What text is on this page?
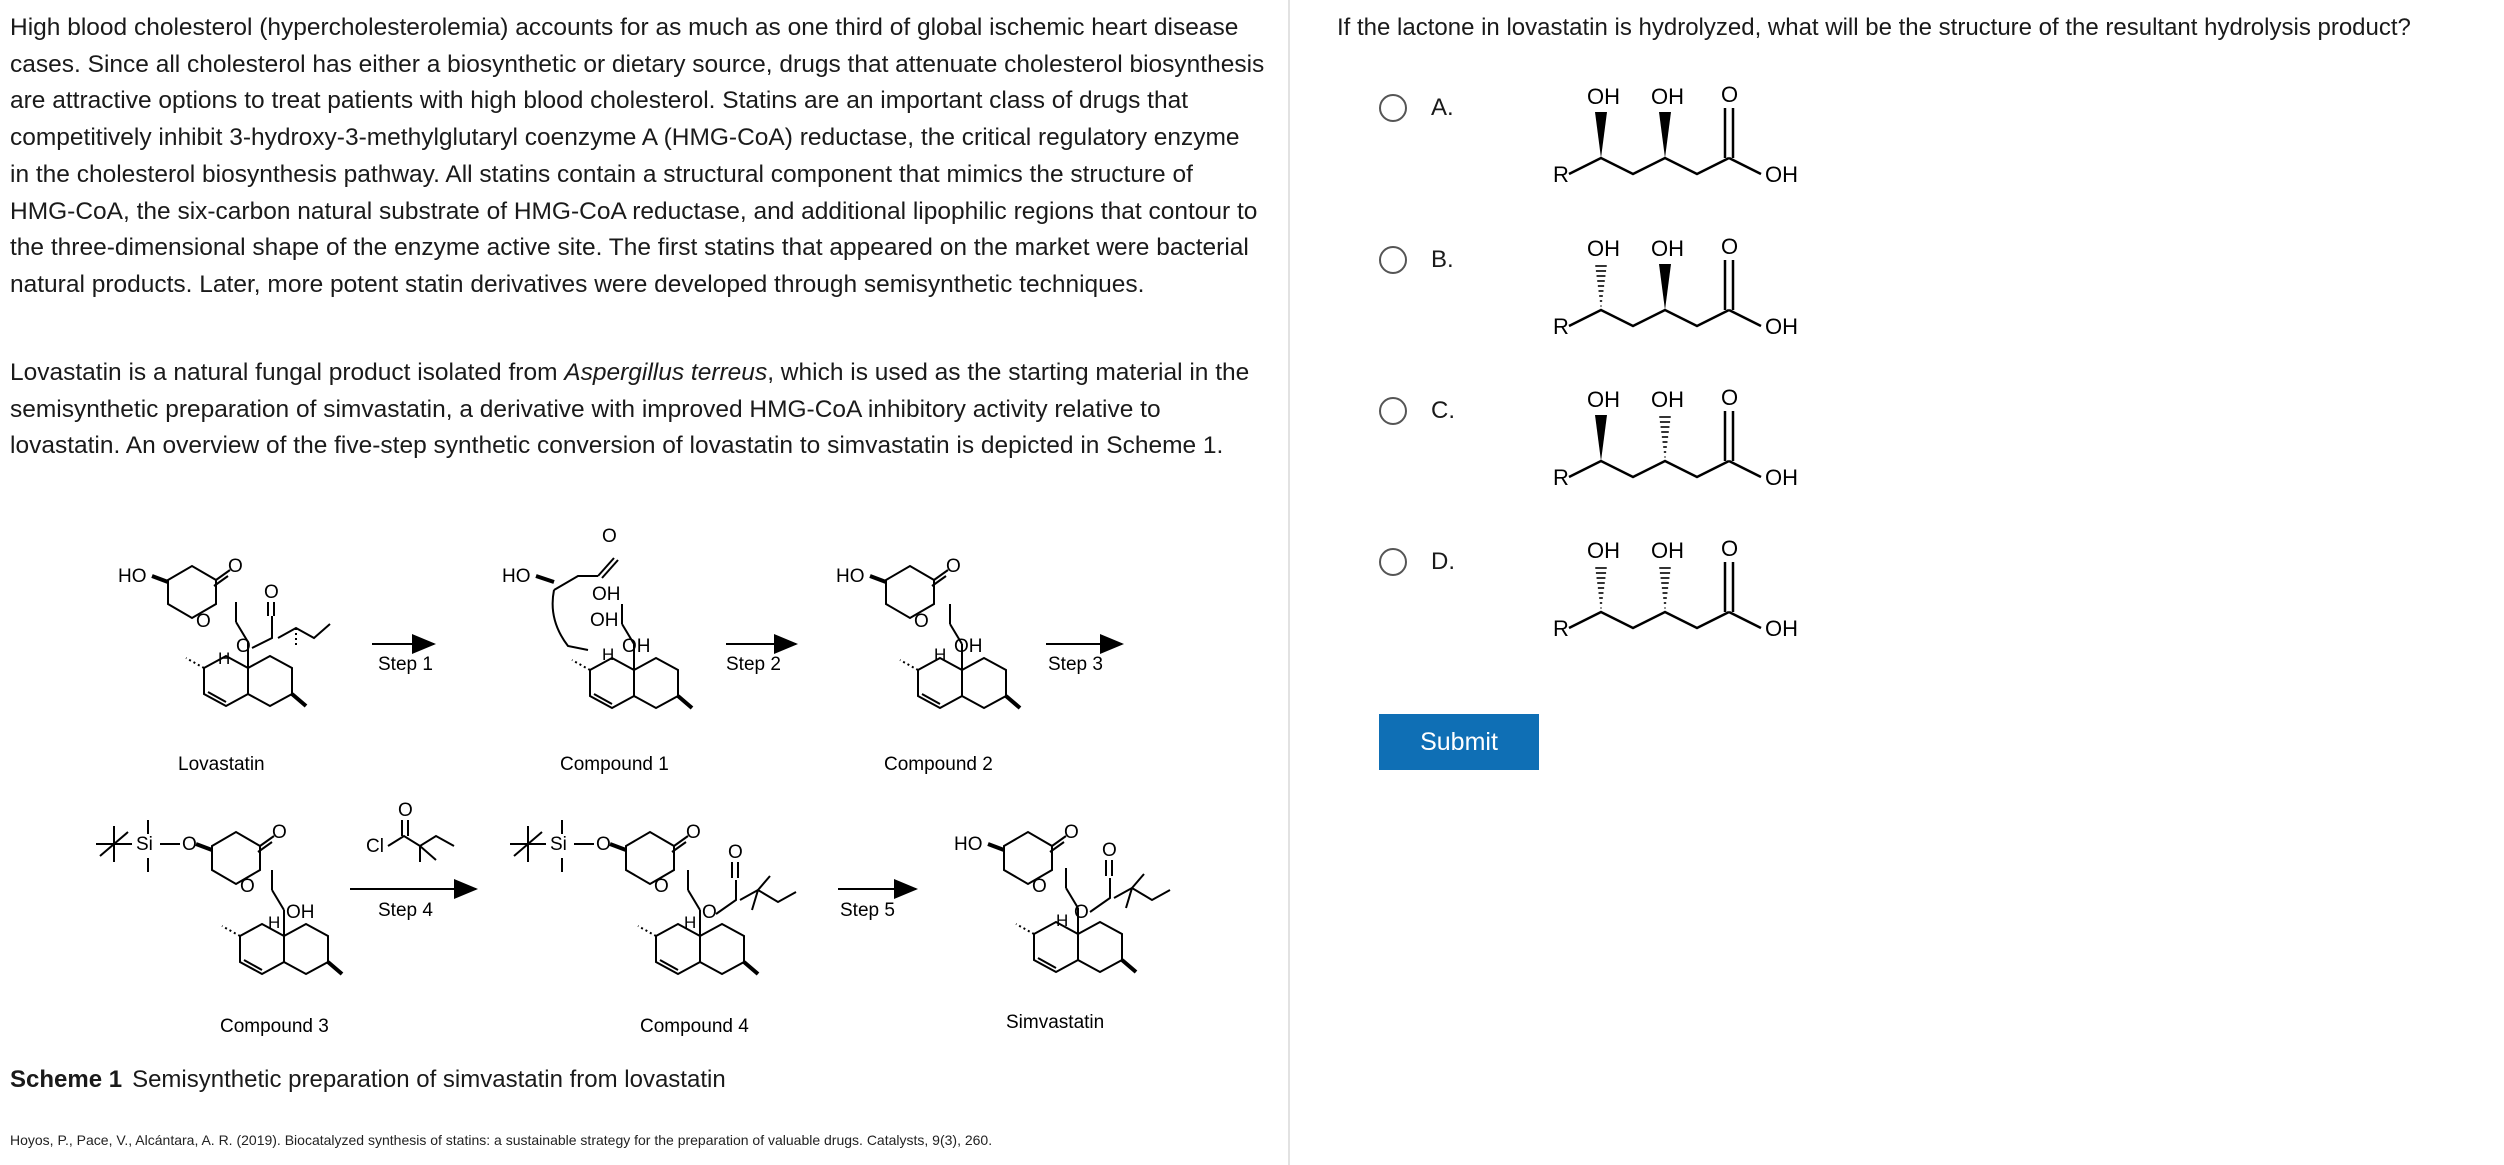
High blood cholesterol (hypercholesterolemia) accounts for as much as one third of global ischemic heart disease cases. Since all cholesterol has either a biosynthetic or dietary source, drugs that attenuate cholesterol biosynthesis are attractive options to treat patients with high blood cholesterol. Statins are an important class of drugs that competitively inhibit 3-hydroxy-3-methylglutaryl coenzyme A (HMG-CoA) reductase, the critical regulatory enzyme in the cholesterol biosynthesis pathway. All statins contain a structural component that mimics the structure of HMG-CoA, the six-carbon natural substrate of HMG-CoA reductase, and additional lipophilic regions that contour to the three-dimensional shape of the enzyme active site. The first statins that appeared on the market were bacterial natural products. Later, more potent statin derivatives were developed through semisynthetic techniques.

Lovastatin is a natural fungal product isolated from Aspergillus terreus, which is used as the starting material in the semisynthetic preparation of simvastatin, a derivative with improved HMG-CoA inhibitory activity relative to lovastatin. An overview of the five-step synthetic conversion of lovastatin to simvastatin is depicted in Scheme 1.

HO	O
O
H
O
O
Lovastatin
Step 1
HO
O
OH
OH
H OH
Compound 1
Step 2
HO	O
O
H OH
Compound 2
Step 3
Si O
O
O
H OH
Compound 3
Cl
O
Step 4
Si O
O
O
H O
O
Compound 4
Step 5
HO
O
O
H O
O
Simvastatin
Scheme 1 Semisynthetic preparation of simvastatin from lovastatin
Hoyos, P., Pace, V., Alcántara, A. R. (2019). Biocatalyzed synthesis of statins: a sustainable strategy for the preparation of valuable drugs. Catalysts, 9(3), 260.
If the lactone in lovastatin is hydrolyzed, what will be the structure of the resultant hydrolysis product?
A.	OH OH O
OH
R
B.	OH OH O
OH
R
C.	OH OH O
OH
R
D.	OH OH O
OH
R
Submit
